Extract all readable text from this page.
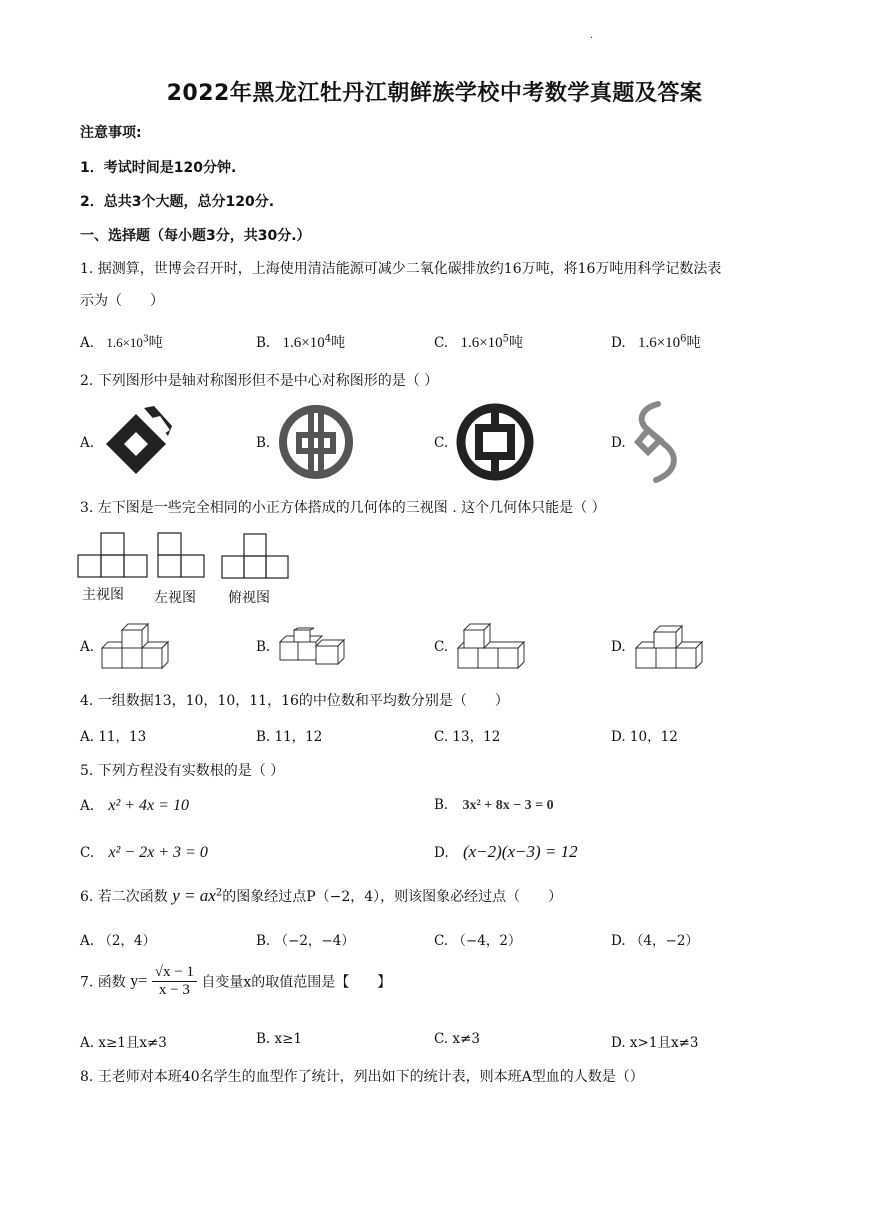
.
2022年黑龙江牡丹江朝鲜族学校中考数学真题及答案
注意事项:
1．考试时间是120分钟.
2．总共3个大题，总分120分.
一、选择题（每小题3分，共30分.）
1. 据测算，世博会召开时，上海使用清洁能源可减少二氧化碳排放约16万吨，将16万吨用科学记数法表
示为（　　）
A. $1.6\times 10^3$吨	B. $1.6\times 10^4$吨	C. $1.6\times 10^5$吨	D. $1.6\times 10^6$吨
2. 下列图形中是轴对称图形但不是中心对称图形的是（ ）
A.	B.	C.	D.
3. 左下图是一些完全相同的小正方体搭成的几何体的三视图 . 这个几何体只能是（ ）
主视图 左视图 俯视图
A.	B.	C.	D.
4. 一组数据13，10，10，11，16的中位数和平均数分别是（　　）
A. 11，13	B. 11，12	C. 13，12	D. 10，12
5. 下列方程没有实数根的是（ ）
A. x² + 4x = 10	B. 3x² + 8x − 3 = 0
C. x² − 2x + 3 = 0	D. (x−2)(x−3) = 12
6. 若二次函数 $y = ax^2$的图象经过点P（−2，4），则该图象必经过点（　　）
A. （2，4）	B. （−2，−4）	C. （−4，2）	D. （4，−2）
7. 函数 $y= \frac{√x - 1}{x - 3}$ 自变量x的取值范围是【　　】
A. x≥1且x≠3	B. x≥1	C. x≠3	D. x>1且x≠3
8. 王老师对本班40名学生的血型作了统计，列出如下的统计表，则本班A型血的人数是（）
